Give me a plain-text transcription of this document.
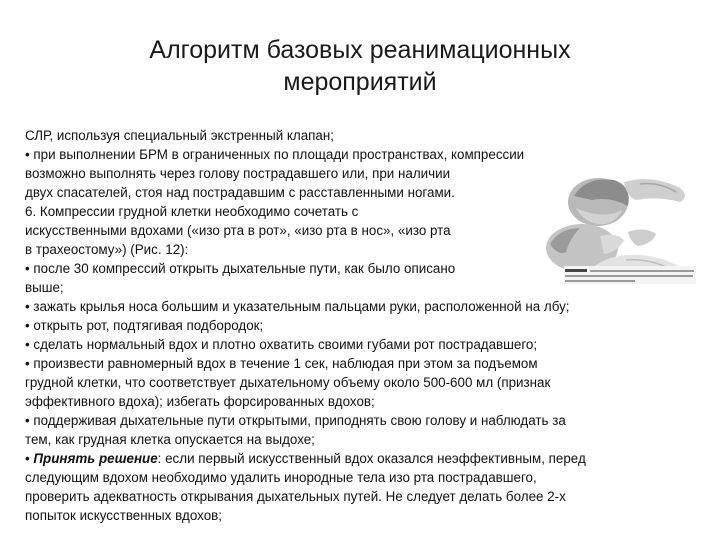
Алгоритм базовых реанимационных
мероприятий
СЛР, используя специальный экстренный клапан;
• при выполнении БРМ в ограниченных по площади пространствах, компрессии
возможно выполнять через голову пострадавшего или, при наличии
двух спасателей, стоя над пострадавшим с расставленными ногами.
6. Компрессии грудной клетки необходимо сочетать с
искусственными вдохами («изо рта в рот», «изо рта в нос», «изо рта
в трахеостому») (Рис. 12):
• после 30 компрессий открыть дыхательные пути, как было описано
выше;
• зажать крылья носа большим и указательным пальцами руки, расположенной на лбу;
• открыть рот, подтягивая подбородок;
• сделать нормальный вдох и плотно охватить своими губами рот пострадавшего;
• произвести равномерный вдох в течение 1 сек, наблюдая при этом за подъемом
грудной клетки, что соответствует дыхательному объему около 500-600 мл (признак
эффективного вдоха); избегать форсированных вдохов;
• поддерживая дыхательные пути открытыми, приподнять свою голову и наблюдать за
тем, как грудная клетка опускается на выдохе;
• Принять решение: если первый искусственный вдох оказался неэффективным, перед
следующим вдохом необходимо удалить инородные тела изо рта пострадавшего,
проверить адекватность открывания дыхательных путей. Не следует делать более 2-х
попыток искусственных вдохов;
